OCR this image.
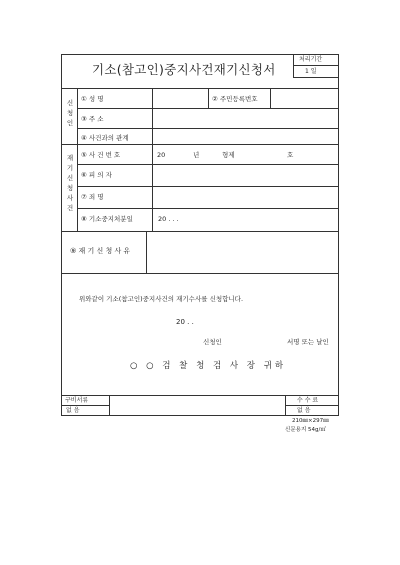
처리기간
1 일
기소(참고인)중지사건재기신청서
신
청
인
① 성 명	② 주민등록번호
③ 주 소
④ 사건과의 관계
재
기
신
청
사
건
⑤ 사 건 번 호	20	년	형제	호
⑥ 피 의 자
⑦ 죄 명
⑧ 기소중지처분일	20 . . .
⑨ 재 기 신 청 사 유
위와같이 기소(참고인)중지사건의 재기수사를 신청합니다.
20 . .
신청인	서명 또는 날인
○ ○ 검 찰 청 검 사 장 귀하
구비서류
없 음
수 수 료
없 음
210㎜×297㎜
신문용지 54g/㎡
